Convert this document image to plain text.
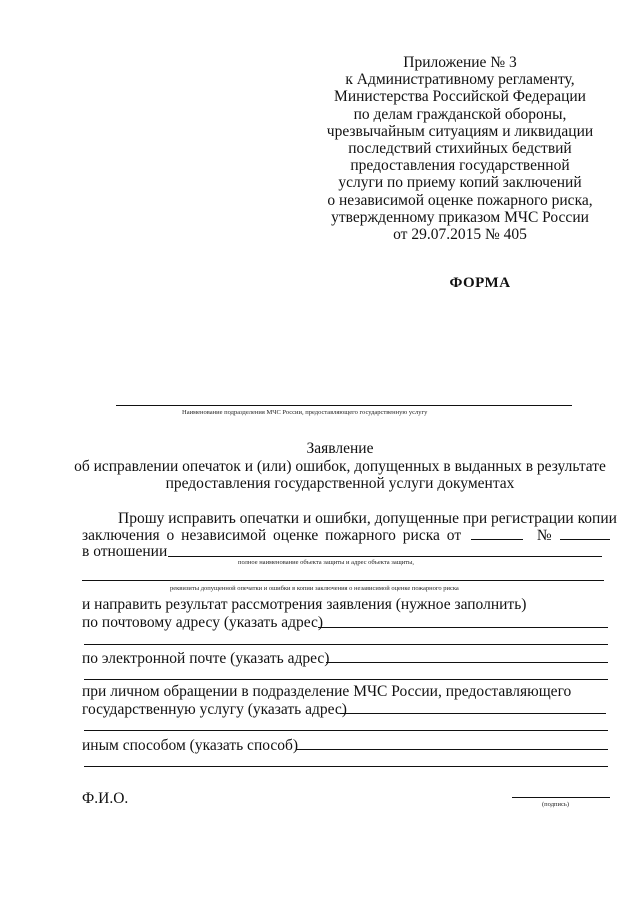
Приложение № 3
к Административному регламенту,
Министерства Российской Федерации
по делам гражданской обороны,
чрезвычайным ситуациям и ликвидации
последствий стихийных бедствий
предоставления государственной
услуги по приему копий заключений
о независимой оценке пожарного риска,
утвержденному приказом МЧС России
от 29.07.2015 № 405
ФОРМА
Наименование подразделения МЧС России, предоставляющего государственную услугу
Заявление
об исправлении опечаток и (или) ошибок, допущенных в выданных в результате
предоставления государственной услуги документах
Прошу исправить опечатки и ошибки, допущенные при регистрации копии
заключения о независимой оценке пожарного риска от	№
в отношении
полное наименование объекта защиты и адрес объекта защиты,
реквизиты допущенной опечатки и ошибки в копии заключения о независимой оценке пожарного риска
и направить результат рассмотрения заявления (нужное заполнить)
по почтовому адресу (указать адрес)
по электронной почте (указать адрес)
при личном обращении в подразделение МЧС России, предоставляющего
государственную услугу (указать адрес)
иным способом (указать способ)
Ф.И.О.	(подпись)
